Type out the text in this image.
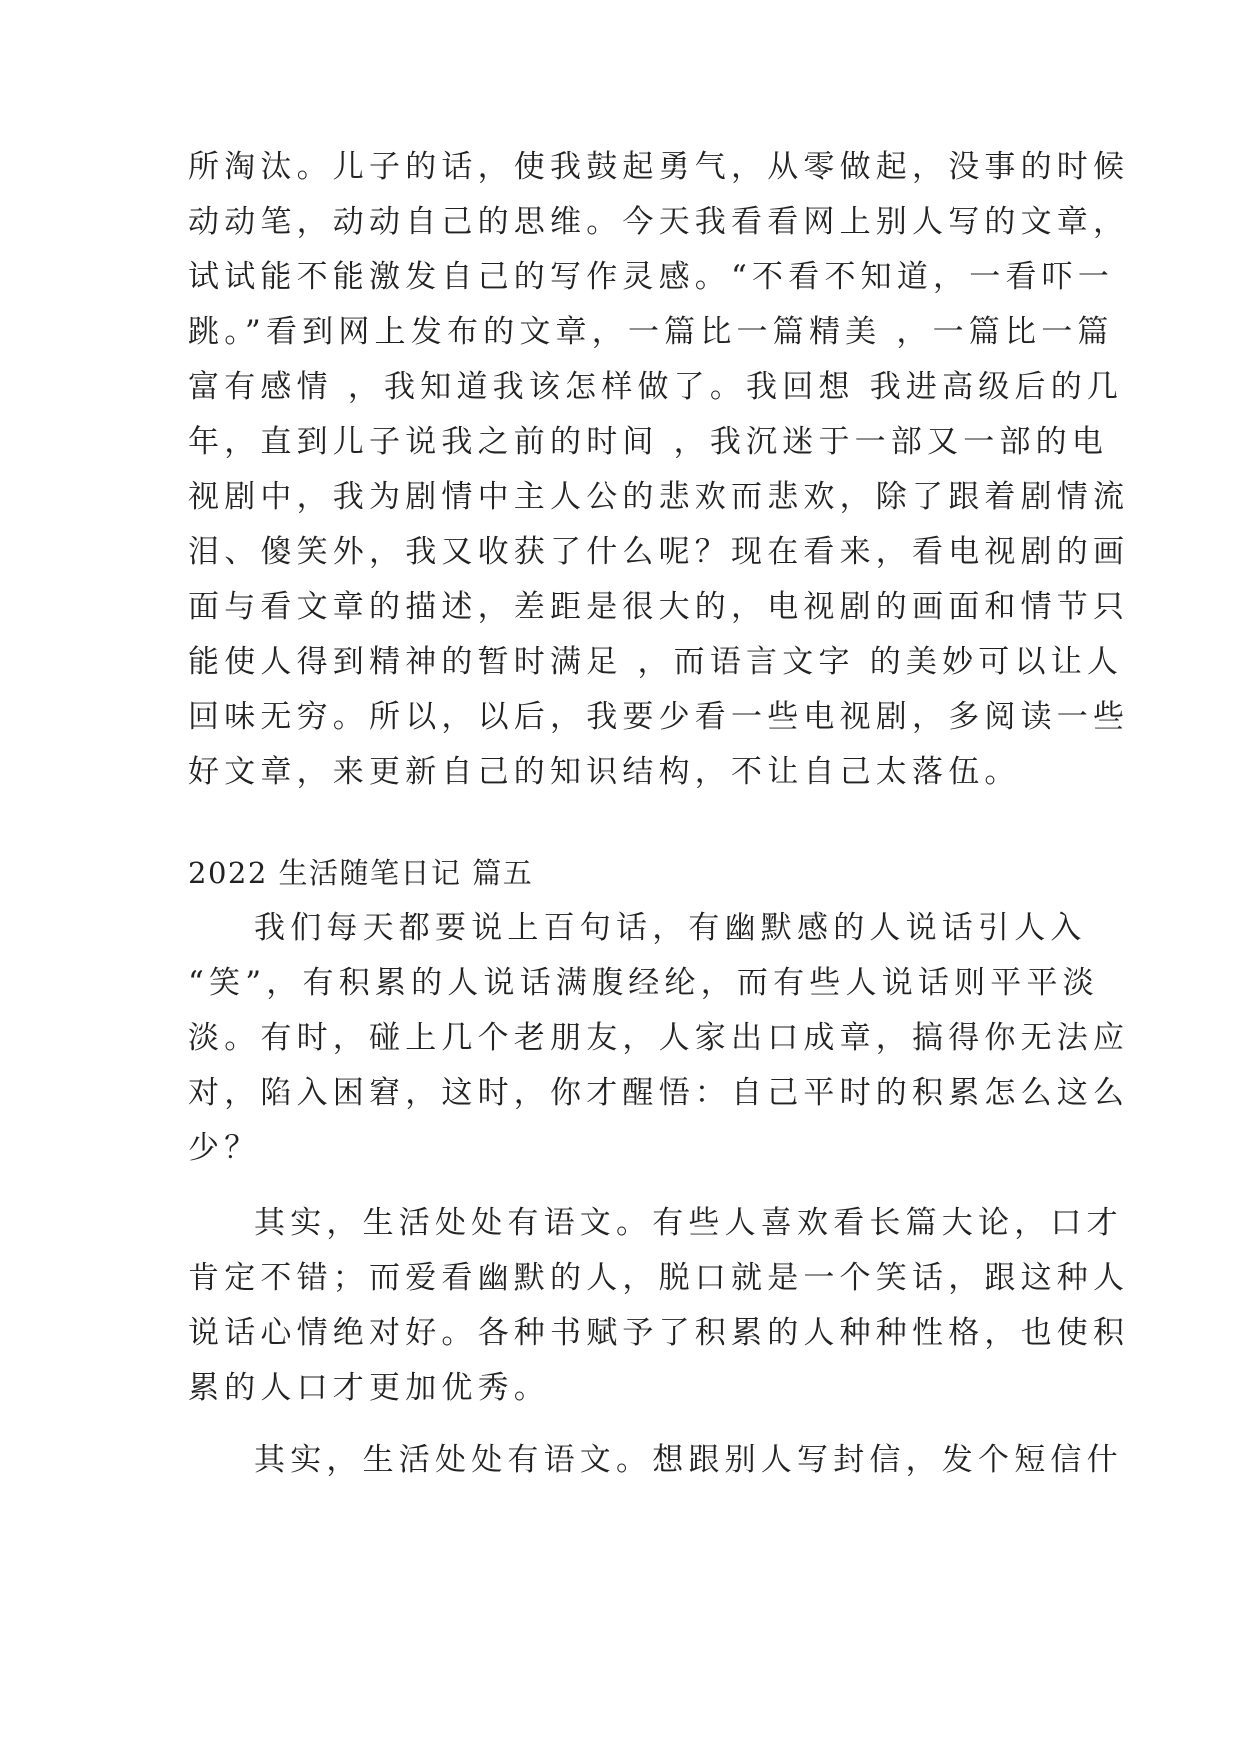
所淘汰。儿子的话，使我鼓起勇气，从零做起，没事的时候
动动笔，动动自己的思维。今天我看看网上别人写的文章，
试试能不能激发自己的写作灵感。“不看不知道，一看吓一
跳。”看到网上发布的文章，一篇比一篇精美 ，一篇比一篇
富有感情 ，我知道我该怎样做了。我回想 我进高级后的几
年，直到儿子说我之前的时间 ，我沉迷于一部又一部的电
视剧中，我为剧情中主人公的悲欢而悲欢，除了跟着剧情流
泪、傻笑外，我又收获了什么呢？现在看来，看电视剧的画
面与看文章的描述，差距是很大的，电视剧的画面和情节只
能使人得到精神的暂时满足 ，而语言文字 的美妙可以让人
回味无穷。所以，以后，我要少看一些电视剧，多阅读一些
好文章，来更新自己的知识结构，不让自己太落伍。
2022 生活随笔日记 篇五
我们每天都要说上百句话，有幽默感的人说话引人入
“笑”，有积累的人说话满腹经纶，而有些人说话则平平淡
淡。有时，碰上几个老朋友，人家出口成章，搞得你无法应
对，陷入困窘，这时，你才醒悟：自己平时的积累怎么这么
少？
其实，生活处处有语文。有些人喜欢看长篇大论，口才
肯定不错；而爱看幽默的人，脱口就是一个笑话，跟这种人
说话心情绝对好。各种书赋予了积累的人种种性格，也使积
累的人口才更加优秀。
其实，生活处处有语文。想跟别人写封信，发个短信什
